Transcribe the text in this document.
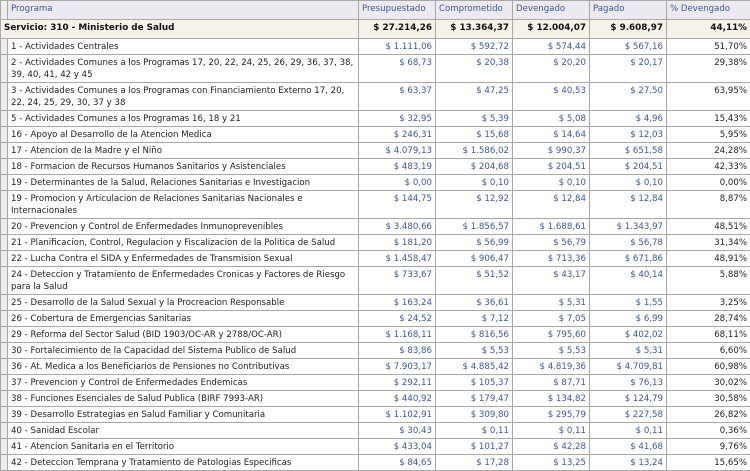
	Programa	Presupuestado	Comprometido	Devengado	Pagado	% Devengado
Servicio: 310 - Ministerio de Salud		$ 27.214,26	$ 13.364,37	$ 12.004,07	$ 9.608,97	44,11%
	1 - Actividades Centrales	$ 1.111,06	$ 592,72	$ 574,44	$ 567,16	51,70%
	2 - Actividades Comunes a los Programas 17, 20, 22, 24, 25, 26, 29, 36, 37, 38, 39, 40, 41, 42 y 45	$ 68,73	$ 20,38	$ 20,20	$ 20,17	29,38%
	3 - Actividades Comunes a los Programas con Financiamiento Externo 17, 20, 22, 24, 25, 29, 30, 37 y 38	$ 63,37	$ 47,25	$ 40,53	$ 27,50	63,95%
	5 - Actividades Comunes a los Programas 16, 18 y 21	$ 32,95	$ 5,39	$ 5,08	$ 4,96	15,43%
	16 - Apoyo al Desarrollo de la Atencion Medica	$ 246,31	$ 15,68	$ 14,64	$ 12,03	5,95%
	17 - Atencion de la Madre y el Niño	$ 4.079,13	$ 1.586,02	$ 990,37	$ 651,58	24,28%
	18 - Formacion de Recursos Humanos Sanitarios y Asistenciales	$ 483,19	$ 204,68	$ 204,51	$ 204,51	42,33%
	19 - Determinantes de la Salud, Relaciones Sanitarias e Investigacion	$ 0,00	$ 0,10	$ 0,10	$ 0,10	0,00%
	19 - Promocion y Articulacion de Relaciones Sanitarias Nacionales e Internacionales	$ 144,75	$ 12,92	$ 12,84	$ 12,84	8,87%
	20 - Prevencion y Control de Enfermedades Inmunoprevenibles	$ 3.480,66	$ 1.856,57	$ 1.688,61	$ 1.343,97	48,51%
	21 - Planificacion, Control, Regulacion y Fiscalizacion de la Politica de Salud	$ 181,20	$ 56,99	$ 56,79	$ 56,78	31,34%
	22 - Lucha Contra el SIDA y Enfermedades de Transmision Sexual	$ 1.458,47	$ 906,47	$ 713,36	$ 671,86	48,91%
	24 - Deteccion y Tratamiento de Enfermedades Cronicas y Factores de Riesgo para la Salud	$ 733,67	$ 51,52	$ 43,17	$ 40,14	5,88%
	25 - Desarrollo de la Salud Sexual y la Procreacion Responsable	$ 163,24	$ 36,61	$ 5,31	$ 1,55	3,25%
	26 - Cobertura de Emergencias Sanitarias	$ 24,52	$ 7,12	$ 7,05	$ 6,99	28,74%
	29 - Reforma del Sector Salud (BID 1903/OC-AR y 2788/OC-AR)	$ 1.168,11	$ 816,56	$ 795,60	$ 402,02	68,11%
	30 - Fortalecimiento de la Capacidad del Sistema Publico de Salud	$ 83,86	$ 5,53	$ 5,53	$ 5,31	6,60%
	36 - At. Medica a los Beneficiarios de Pensiones no Contributivas	$ 7.903,17	$ 4.885,42	$ 4.819,36	$ 4.709,81	60,98%
	37 - Prevencion y Control de Enfermedades Endemicas	$ 292,11	$ 105,37	$ 87,71	$ 76,13	30,02%
	38 - Funciones Esenciales de Salud Publica (BIRF 7993-AR)	$ 440,92	$ 179,47	$ 134,82	$ 124,79	30,58%
	39 - Desarrollo Estrategias en Salud Familiar y Comunitaria	$ 1.102,91	$ 309,80	$ 295,79	$ 227,58	26,82%
	40 - Sanidad Escolar	$ 30,43	$ 0,11	$ 0,11	$ 0,11	0,36%
	41 - Atencion Sanitaria en el Territorio	$ 433,04	$ 101,27	$ 42,28	$ 41,68	9,76%
	42 - Deteccion Temprana y Tratamiento de Patologias Especificas	$ 84,65	$ 17,28	$ 13,25	$ 13,24	15,65%
